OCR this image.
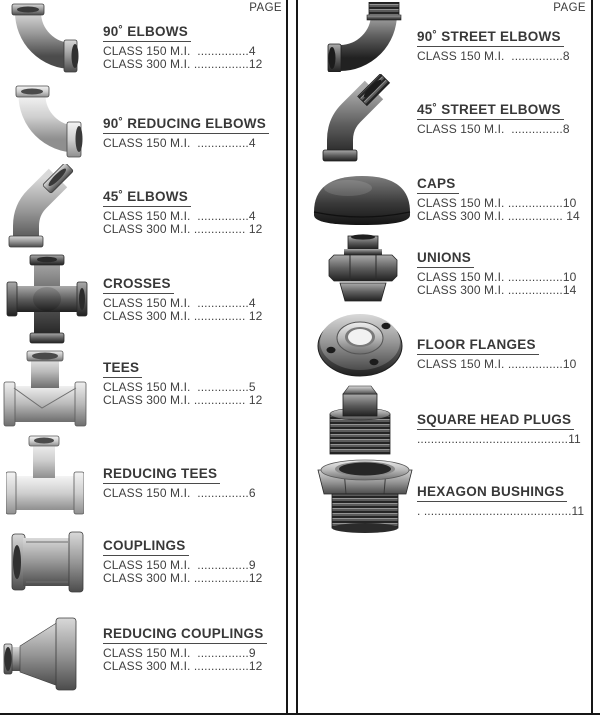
PAGE	PAGE
90˚ ELBOWS
CLASS 150 M.I.  ...............4
CLASS 300 M.I. ................12
90˚ REDUCING ELBOWS
CLASS 150 M.I.  ...............4
45˚ ELBOWS
CLASS 150 M.I.  ...............4
CLASS 300 M.I. ............... 12
CROSSES
CLASS 150 M.I.  ...............4
CLASS 300 M.I. ............... 12
TEES
CLASS 150 M.I.  ...............5
CLASS 300 M.I. ............... 12
REDUCING TEES
CLASS 150 M.I.  ...............6
COUPLINGS
CLASS 150 M.I.  ...............9
CLASS 300 M.I. ................12
REDUCING COUPLINGS
CLASS 150 M.I.  ...............9
CLASS 300 M.I. ................12
90˚ STREET ELBOWS
CLASS 150 M.I.  ...............8
45˚ STREET ELBOWS
CLASS 150 M.I.  ...............8
CAPS
CLASS 150 M.I. ................10
CLASS 300 M.I. ................ 14
UNIONS
CLASS 150 M.I. ................10
CLASS 300 M.I. ................14
FLOOR FLANGES
CLASS 150 M.I. ................10
SQUARE HEAD PLUGS
............................................11
HEXAGON BUSHINGS
. ...........................................11
